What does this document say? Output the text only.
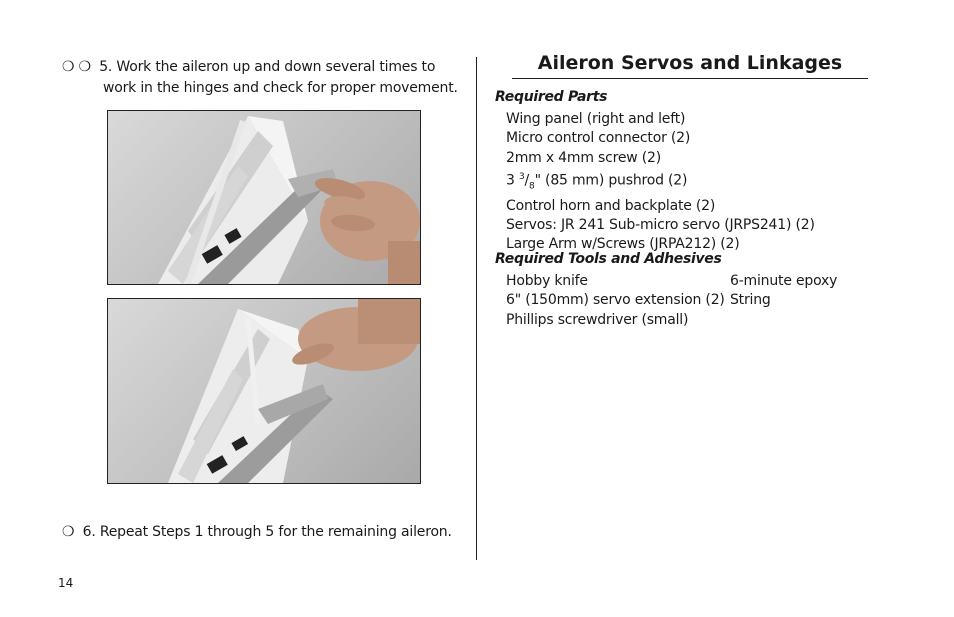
❍ ❍ 5. Work the aileron up and down several times to
work in the hinges and check for proper movement.
❍ 6. Repeat Steps 1 through 5 for the remaining aileron.
Aileron Servos and Linkages
Required Parts
Wing panel (right and left)
Micro control connector (2)
2mm x 4mm screw (2)
3 $^3/_8$" (85 mm) pushrod (2)
Control horn and backplate (2)
Servos: JR 241 Sub-micro servo (JRPS241) (2)
Large Arm w/Screws (JRPA212) (2)
Required Tools and Adhesives
Hobby knife	6-minute epoxy
6" (150mm) servo extension (2) String
Phillips screwdriver (small)
14
